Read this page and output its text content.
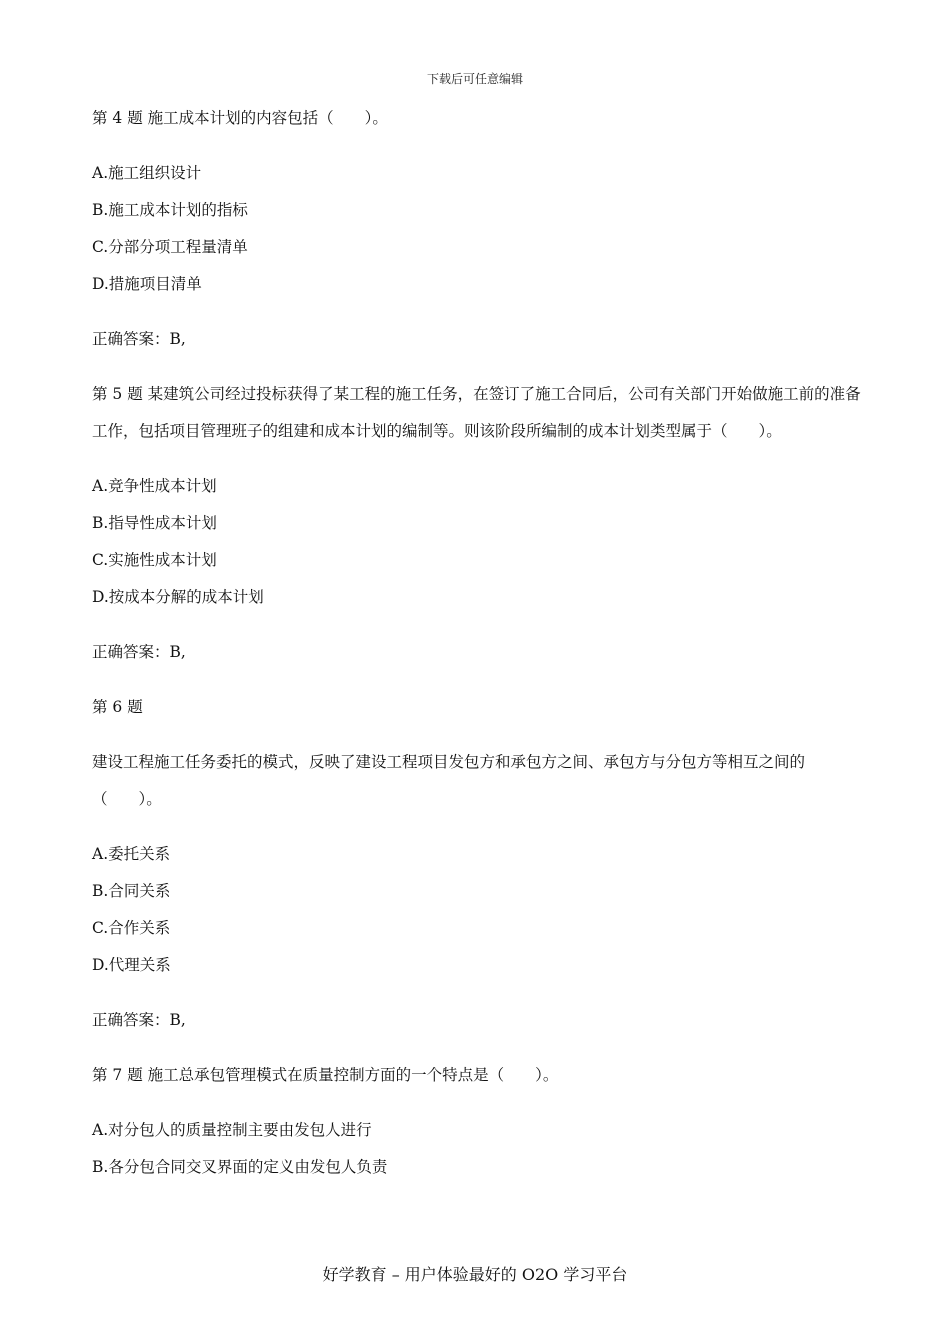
下载后可任意编辑
第 4 题 施工成本计划的内容包括（　　）。
A.施工组织设计
B.施工成本计划的指标
C.分部分项工程量清单
D.措施项目清单
正确答案：B,
第 5 题 某建筑公司经过投标获得了某工程的施工任务，在签订了施工合同后，公司有关部门开始做施工前的准备工作，包括项目管理班子的组建和成本计划的编制等。则该阶段所编制的成本计划类型属于（　　）。
A.竞争性成本计划
B.指导性成本计划
C.实施性成本计划
D.按成本分解的成本计划
正确答案：B,
第 6 题
建设工程施工任务委托的模式，反映了建设工程项目发包方和承包方之间、承包方与分包方等相互之间的（　　）。
A.委托关系
B.合同关系
C.合作关系
D.代理关系
正确答案：B,
第 7 题 施工总承包管理模式在质量控制方面的一个特点是（　　）。
A.对分包人的质量控制主要由发包人进行
B.各分包合同交叉界面的定义由发包人负责
好学教育 – 用户体验最好的 O2O 学习平台
